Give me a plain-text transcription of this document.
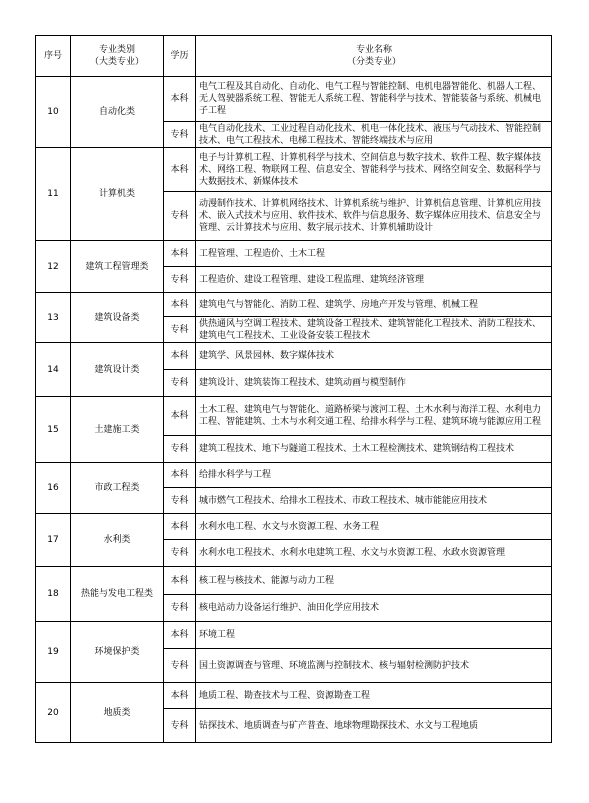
序号	专业类别
（大类专业）	学历	专业名称
（分类专业）

10	自动化类	本科	电气工程及其自动化、自动化、电气工程与智能控制、电机电器智能化、机器人工程、无人驾驶器系统工程、智能无人系统工程、智能科学与技术、智能装备与系统、机械电子工程
		专科	电气自动化技术、工业过程自动化技术、机电一体化技术、液压与气动技术、智能控制技术、电气工程技术、电梯工程技术、智能终端技术与应用
11	计算机类	本科	电子与计算机工程、计算机科学与技术、空间信息与数字技术、软件工程、数字媒体技术、网络工程、物联网工程、信息安全、智能科学与技术、网络空间安全、数据科学与大数据技术、新媒体技术
		专科	动漫制作技术、计算机网络技术、计算机系统与维护、计算机信息管理、计算机应用技术、嵌入式技术与应用、软件技术、软件与信息服务、数字媒体应用技术、信息安全与管理、云计算技术与应用、数字展示技术、计算机辅助设计
12	建筑工程管理类	本科	工程管理、工程造价、土木工程
		专科	工程造价、建设工程管理、建设工程监理、建筑经济管理
13	建筑设备类	本科	建筑电气与智能化、消防工程、建筑学、房地产开发与管理、机械工程
		专科	供热通风与空调工程技术、建筑设备工程技术、建筑智能化工程技术、消防工程技术、建筑电气工程技术、工业设备安装工程技术
14	建筑设计类	本科	建筑学、风景园林、数字媒体技术
		专科	建筑设计、建筑装饰工程技术、建筑动画与模型制作
15	土建施工类	本科	土木工程、建筑电气与智能化、道路桥梁与渡河工程、土木水利与海洋工程、水利电力工程、智能建筑、土木与水利交通工程、给排水科学与工程、建筑环境与能源应用工程
		专科	建筑工程技术、地下与隧道工程技术、土木工程检测技术、建筑钢结构工程技术
16	市政工程类	本科	给排水科学与工程
		专科	城市燃气工程技术、给排水工程技术、市政工程技术、城市能能应用技术
17	水利类	本科	水利水电工程、水文与水资源工程、水务工程
		专科	水利水电工程技术、水利水电建筑工程、水文与水资源工程、水政水资源管理
18	热能与发电工程类	本科	核工程与核技术、能源与动力工程
		专科	核电站动力设备运行维护、油田化学应用技术
19	环境保护类	本科	环境工程
		专科	国土资源调查与管理、环境监测与控制技术、核与辐射检测防护技术
20	地质类	本科	地质工程、勘查技术与工程、资源勘查工程
		专科	钻探技术、地质调查与矿产普查、地球物理勘探技术、水文与工程地质
